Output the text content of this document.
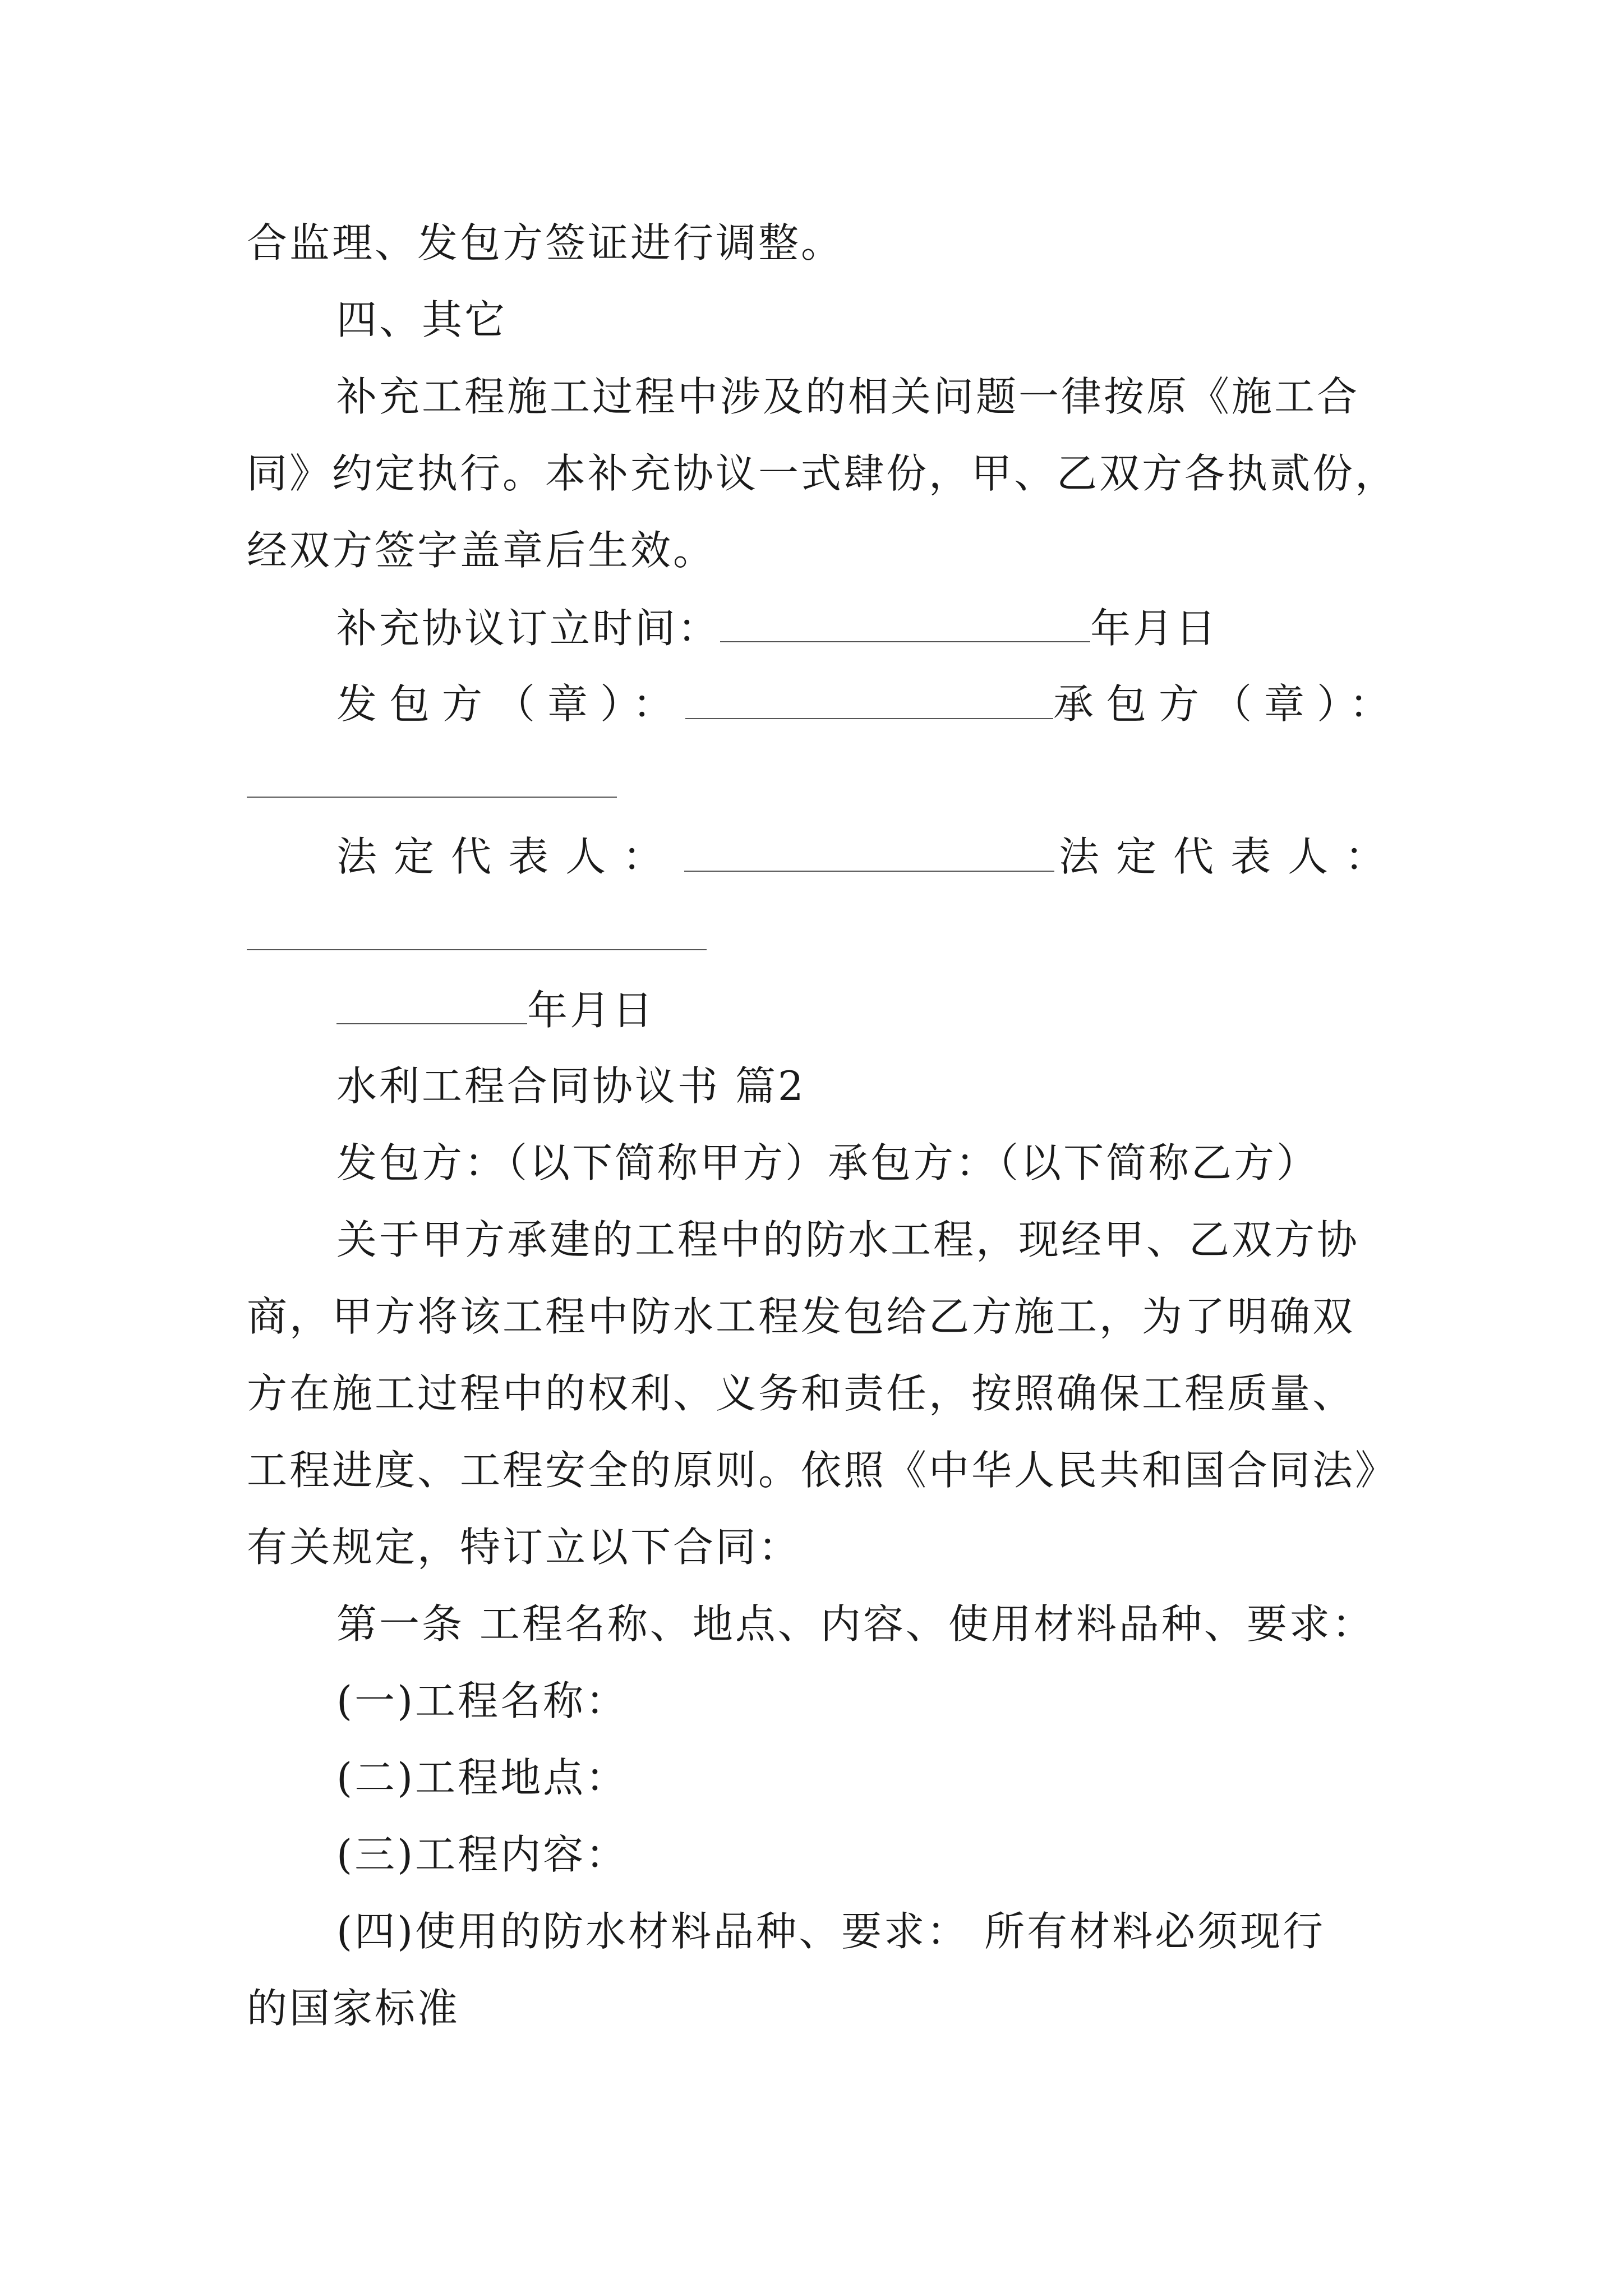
合监理、发包方签证进行调整。
四、其它
补充工程施工过程中涉及的相关问题一律按原《施工合
同》约定执行。本补充协议一式肆份，甲、乙双方各执贰份，
经双方签字盖章后生效。
补充协议订立时间：	年月日
发包方（章）：	承包方（章）：
法定代表人：	法定代表人：
年月日
水利工程合同协议书 篇2
发包方：（以下简称甲方）承包方：（以下简称乙方）
关于甲方承建的工程中的防水工程，现经甲、乙双方协
商，甲方将该工程中防水工程发包给乙方施工，为了明确双
方在施工过程中的权利、义务和责任，按照确保工程质量、
工程进度、工程安全的原则。依照《中华人民共和国合同法》
有关规定，特订立以下合同：
第一条 工程名称、地点、内容、使用材料品种、要求：
(一)工程名称：
(二)工程地点：
(三)工程内容：
(四)使用的防水材料品种、要求： 所有材料必须现行
的国家标准
